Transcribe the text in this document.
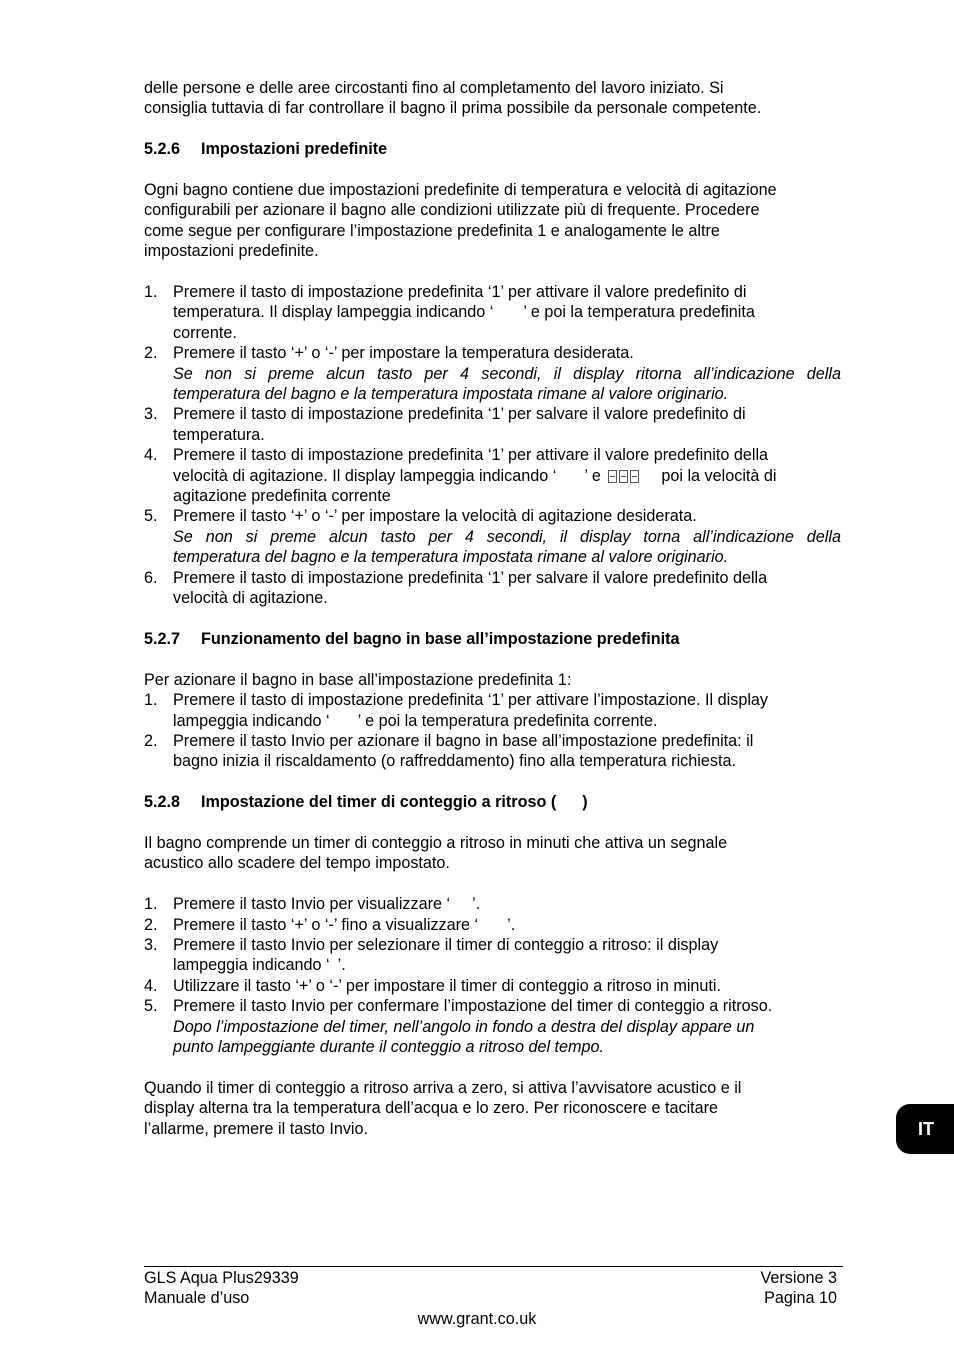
delle persone e delle aree circostanti fino al completamento del lavoro iniziato. Si

consiglia tuttavia di far controllare il bagno il prima possibile da personale competente.

5.2.6 Impostazioni predefinite

Ogni bagno contiene due impostazioni predefinite di temperatura e velocità di agitazione

configurabili per azionare il bagno alle condizioni utilizzate più di frequente. Procedere

come segue per configurare l’impostazione predefinita 1 e analogamente le altre

impostazioni predefinite.

1. Premere il tasto di impostazione predefinita ‘1’ per attivare il valore predefinito di
temperatura. Il display lampeggia indicando ‘ ’ e poi la temperatura predefinita
corrente.
2. Premere il tasto ‘+’ o ‘-’ per impostare la temperatura desiderata.
Se non si preme alcun tasto per 4 secondi, il display ritorna all’indicazione della
temperatura del bagno e la temperatura impostata rimane al valore originario.
3. Premere il tasto di impostazione predefinita ‘1’ per salvare il valore predefinito di
temperatura.
4. Premere il tasto di impostazione predefinita ‘1’ per attivare il valore predefinito della
velocità di agitazione. Il display lampeggia indicando ‘ ’ e	poi la velocità di
agitazione predefinita corrente
5. Premere il tasto ‘+’ o ‘-’ per impostare la velocità di agitazione desiderata.
Se non si preme alcun tasto per 4 secondi, il display torna all’indicazione della
temperatura del bagno e la temperatura impostata rimane al valore originario.
6. Premere il tasto di impostazione predefinita ‘1’ per salvare il valore predefinito della
velocità di agitazione.
5.2.7 Funzionamento del bagno in base all’impostazione predefinita

Per azionare il bagno in base all’impostazione predefinita 1:

1. Premere il tasto di impostazione predefinita ‘1’ per attivare l’impostazione. Il display
lampeggia indicando ‘ ’ e poi la temperatura predefinita corrente.
2. Premere il tasto Invio per azionare il bagno in base all’impostazione predefinita: il
bagno inizia il riscaldamento (o raffreddamento) fino alla temperatura richiesta.
5.2.8 Impostazione del timer di conteggio a ritroso ( )

Il bagno comprende un timer di conteggio a ritroso in minuti che attiva un segnale

acustico allo scadere del tempo impostato.

1. Premere il tasto Invio per visualizzare ‘ ’.
2. Premere il tasto ‘+’ o ‘-’ fino a visualizzare ‘ ’.
3. Premere il tasto Invio per selezionare il timer di conteggio a ritroso: il display
lampeggia indicando ‘ ’.
4. Utilizzare il tasto ‘+’ o ‘-’ per impostare il timer di conteggio a ritroso in minuti.
5. Premere il tasto Invio per confermare l’impostazione del timer di conteggio a ritroso.
Dopo l’impostazione del timer, nell’angolo in fondo a destra del display appare un
punto lampeggiante durante il conteggio a ritroso del tempo.

Quando il timer di conteggio a ritroso arriva a zero, si attiva l’avvisatore acustico e il

display alterna tra la temperatura dell’acqua e lo zero. Per riconoscere e tacitare

l’allarme, premere il tasto Invio.	IT
GLS Aqua Plus29339
Manuale d’uso
Versione 3
Pagina 10
www.grant.co.uk
